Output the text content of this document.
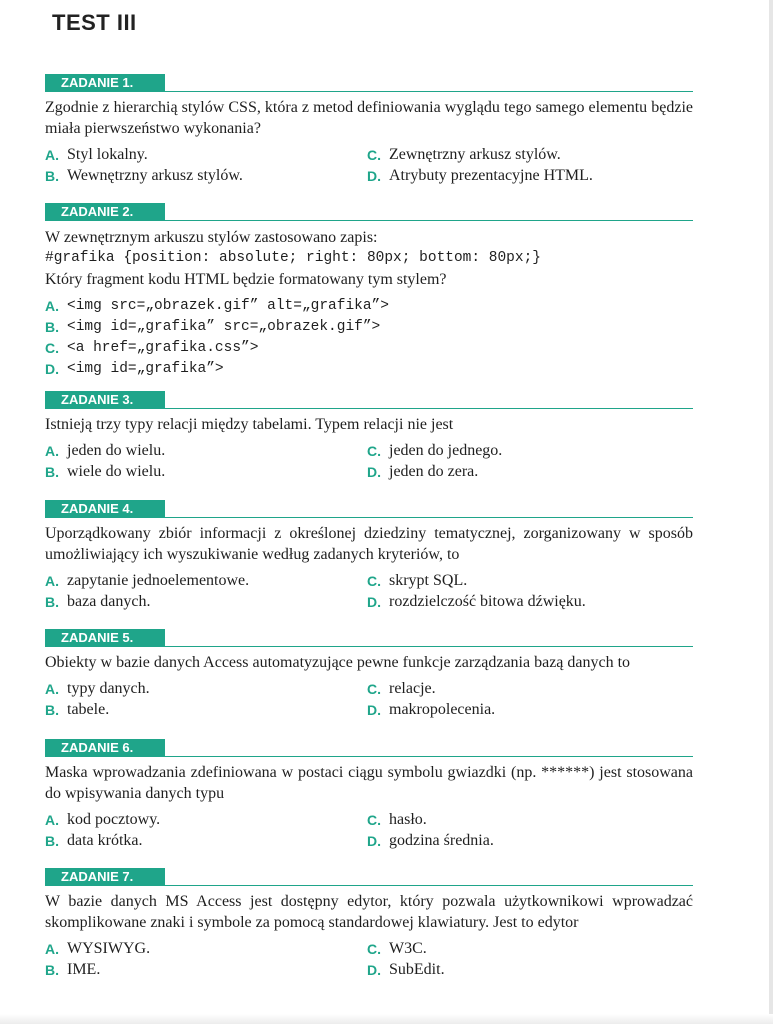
TEST III
ZADANIE 1.

Zgodnie z hierarchią stylów CSS, która z metod definiowania wyglądu tego samego elementu będzie miała pierwszeństwo wykonania?

A. Styl lokalny.	C. Zewnętrzny arkusz stylów.
B. Wewnętrzny arkusz stylów.	D. Atrybuty prezentacyjne HTML.
ZADANIE 2.

W zewnętrznym arkuszu stylów zastosowano zapis:

#grafika {position: absolute; right: 80px; bottom: 80px;}

Który fragment kodu HTML będzie formatowany tym stylem?

A. <img src=„obrazek.gif” alt=„grafika”>
B. <img id=„grafika” src=„obrazek.gif”>
C. <a href=„grafika.css”>
D. <img id=„grafika”>
ZADANIE 3.

Istnieją trzy typy relacji między tabelami. Typem relacji nie jest

A. jeden do wielu.	C. jeden do jednego.
B. wiele do wielu.	D. jeden do zera.
ZADANIE 4.

Uporządkowany zbiór informacji z określonej dziedziny tematycznej, zorganizowany w sposób umożliwiający ich wyszukiwanie według zadanych kryteriów, to

A. zapytanie jednoelementowe.	C. skrypt SQL.
B. baza danych.	D. rozdzielczość bitowa dźwięku.
ZADANIE 5.

Obiekty w bazie danych Access automatyzujące pewne funkcje zarządzania bazą danych to

A. typy danych.	C. relacje.
B. tabele.	D. makropolecenia.
ZADANIE 6.

Maska wprowadzania zdefiniowana w postaci ciągu symbolu gwiazdki (np. ******) jest stosowana do wpisywania danych typu

A. kod pocztowy.	C. hasło.
B. data krótka.	D. godzina średnia.
ZADANIE 7.

W bazie danych MS Access jest dostępny edytor, który pozwala użytkownikowi wprowadzać skomplikowane znaki i symbole za pomocą standardowej klawiatury. Jest to edytor

A. WYSIWYG.	C. W3C.
B. IME.	D. SubEdit.
